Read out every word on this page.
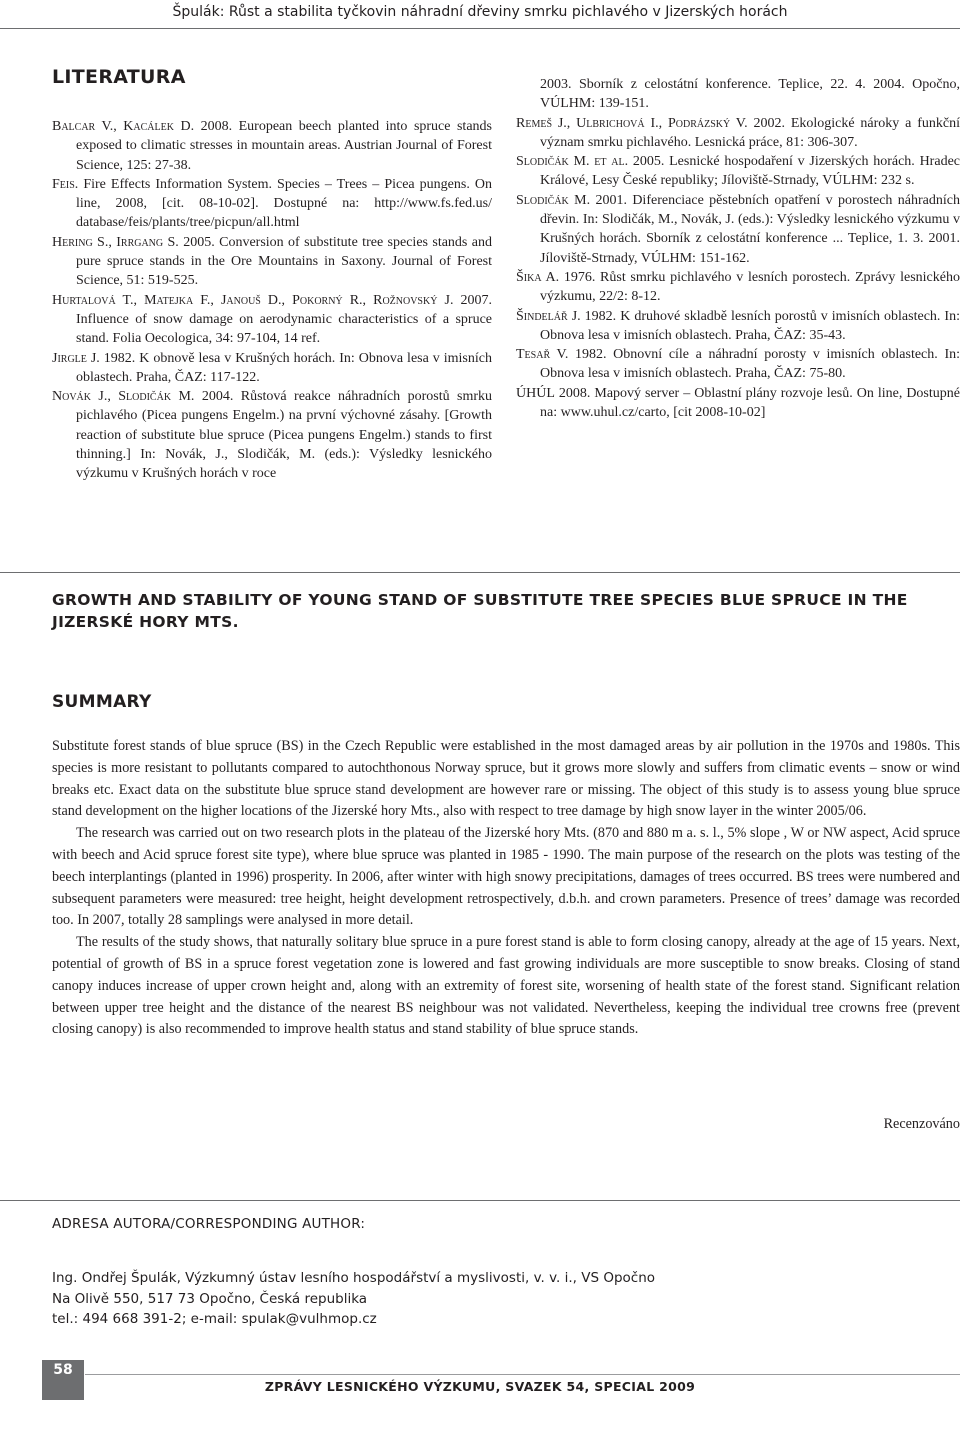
Špulák: Růst a stabilita tyčkovin náhradní dřeviny smrku pichlavého v Jizerských horách
LITERATURA

Balcar V., Kacálek D. 2008. European beech planted into spruce stands exposed to climatic stresses in mountain areas. Austrian Journal of Forest Science, 125: 27-38.

Feis. Fire Effects Information System. Species – Trees – Picea pungens. On line, 2008, [cit. 08-10-02]. Dostupné na: http://www.fs.fed.us/ database/feis/plants/tree/picpun/all.html

Hering S., Irrgang S. 2005. Conversion of substitute tree species stands and pure spruce stands in the Ore Mountains in Saxony. Journal of Forest Science, 51: 519-525.

Hurtalová T., Matejka F., Janouš D., Pokorný R., Rožnovský J. 2007. Influence of snow damage on aerodynamic characteristics of a spruce stand. Folia Oecologica, 34: 97-104, 14 ref.

Jirgle J. 1982. K obnově lesa v Krušných horách. In: Obnova lesa v imisních oblastech. Praha, ČAZ: 117-122.

Novák J., Slodičák M. 2004. Růstová reakce náhradních porostů smrku pichlavého (Picea pungens Engelm.) na první výchovné zásahy. [Growth reaction of substitute blue spruce (Picea pungens Engelm.) stands to first thinning.] In: Novák, J., Slodičák, M. (eds.): Výsledky lesnického výzkumu v Krušných horách v roce

2003. Sborník z celostátní konference. Teplice, 22. 4. 2004. Opočno, VÚLHM: 139-151.

Remeš J., Ulbrichová I., Podrázský V. 2002. Ekologické nároky a funkční význam smrku pichlavého. Lesnická práce, 81: 306-307.

Slodičák M. et al. 2005. Lesnické hospodaření v Jizerských horách. Hradec Králové, Lesy České republiky; Jíloviště-Strnady, VÚLHM: 232 s.

Slodičák M. 2001. Diferenciace pěstebních opatření v porostech náhradních dřevin. In: Slodičák, M., Novák, J. (eds.): Výsledky lesnického výzkumu v Krušných horách. Sborník z celostátní konference ... Teplice, 1. 3. 2001. Jíloviště-Strnady, VÚLHM: 151-162.

Šika A. 1976. Růst smrku pichlavého v lesních porostech. Zprávy lesnického výzkumu, 22/2: 8-12.

Šindelář J. 1982. K druhové skladbě lesních porostů v imisních oblastech. In: Obnova lesa v imisních oblastech. Praha, ČAZ: 35-43.

Tesař V. 1982. Obnovní cíle a náhradní porosty v imisních oblastech. In: Obnova lesa v imisních oblastech. Praha, ČAZ: 75-80.

ÚHÚL 2008. Mapový server – Oblastní plány rozvoje lesů. On line, Dostupné na: www.uhul.cz/carto, [cit 2008-10-02]

GROWTH AND STABILITY OF YOUNG STAND OF SUBSTITUTE TREE SPECIES BLUE SPRUCE IN THE JIZERSKÉ HORY MTS.
SUMMARY

Substitute forest stands of blue spruce (BS) in the Czech Republic were established in the most damaged areas by air pollution in the 1970s and 1980s. This species is more resistant to pollutants compared to autochthonous Norway spruce, but it grows more slowly and suffers from climatic events – snow or wind breaks etc. Exact data on the substitute blue spruce stand development are however rare or missing. The object of this study is to assess young blue spruce stand development on the higher locations of the Jizerské hory Mts., also with respect to tree damage by high snow layer in the winter 2005/06.

The research was carried out on two research plots in the plateau of the Jizerské hory Mts. (870 and 880 m a. s. l., 5% slope , W or NW aspect, Acid spruce with beech and Acid spruce forest site type), where blue spruce was planted in 1985 - 1990. The main purpose of the research on the plots was testing of the beech interplantings (planted in 1996) prosperity. In 2006, after winter with high snowy precipitations, damages of trees occurred. BS trees were numbered and subsequent parameters were measured: tree height, height development retrospectively, d.b.h. and crown parameters. Presence of trees’ damage was recorded too. In 2007, totally 28 samplings were analysed in more detail.

The results of the study shows, that naturally solitary blue spruce in a pure forest stand is able to form closing canopy, already at the age of 15 years. Next, potential of growth of BS in a spruce forest vegetation zone is lowered and fast growing individuals are more susceptible to snow breaks. Closing of stand canopy induces increase of upper crown height and, along with an extremity of forest site, worsening of health state of the forest stand. Significant relation between upper tree height and the distance of the nearest BS neighbour was not validated. Nevertheless, keeping the individual tree crowns free (prevent closing canopy) is also recommended to improve health status and stand stability of blue spruce stands.

Recenzováno
ADRESA AUTORA/CORRESPONDING AUTHOR:
Ing. Ondřej Špulák, Výzkumný ústav lesního hospodářství a myslivosti, v. v. i., VS Opočno
Na Olivě 550, 517 73 Opočno, Česká republika
tel.: 494 668 391-2; e-mail: spulak@vulhmop.cz
58
ZPRÁVY LESNICKÉHO VÝZKUMU, SVAZEK 54, SPECIAL 2009
